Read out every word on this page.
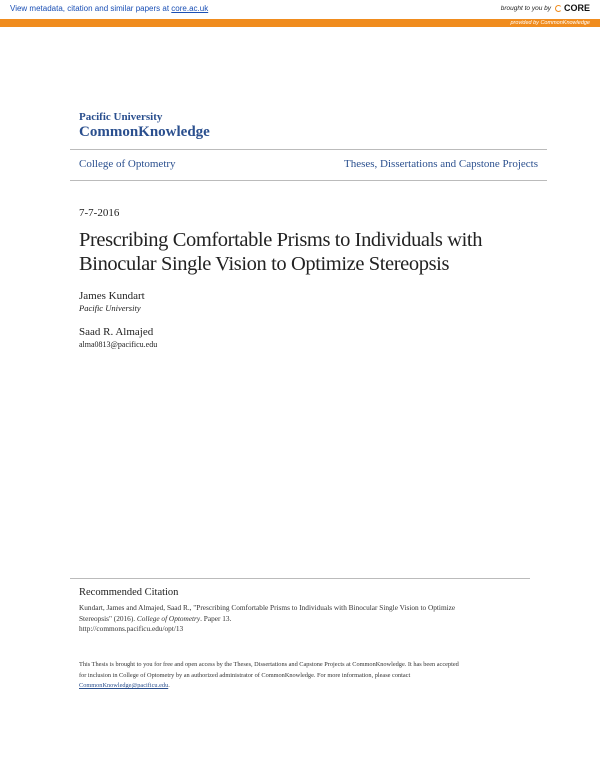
View metadata, citation and similar papers at core.ac.uk	brought to you by CORE
provided by CommonKnowledge
Pacific University
CommonKnowledge
College of Optometry	Theses, Dissertations and Capstone Projects
7-7-2016
Prescribing Comfortable Prisms to Individuals with
Binocular Single Vision to Optimize Stereopsis
James Kundart
Pacific University
Saad R. Almajed
alma0813@pacificu.edu
Recommended Citation
Kundart, James and Almajed, Saad R., "Prescribing Comfortable Prisms to Individuals with Binocular Single Vision to Optimize
Stereopsis" (2016). College of Optometry. Paper 13.
http://commons.pacificu.edu/opt/13
This Thesis is brought to you for free and open access by the Theses, Dissertations and Capstone Projects at CommonKnowledge. It has been accepted
for inclusion in College of Optometry by an authorized administrator of CommonKnowledge. For more information, please contact
CommonKnowledge@pacificu.edu.
